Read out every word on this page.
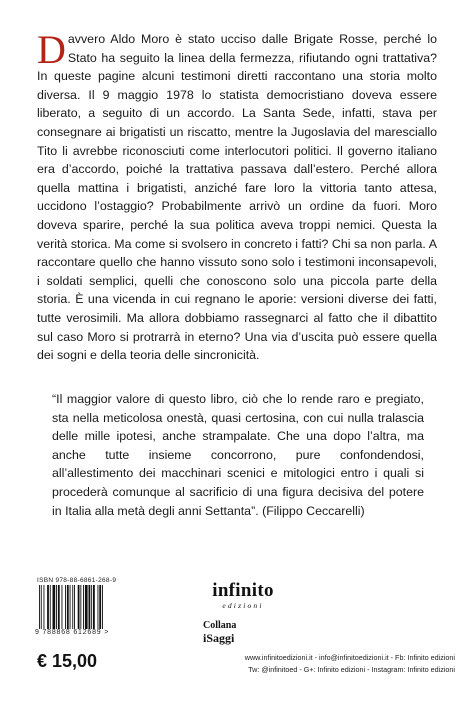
D avvero Aldo Moro è stato ucciso dalle Brigate Rosse, perché lo Stato ha seguito la linea della fermezza, rifiutando ogni trattativa? In queste pagine alcuni testimoni diretti raccontano una storia molto diversa. Il 9 maggio 1978 lo statista democristiano doveva essere liberato, a seguito di un accordo. La Santa Sede, infatti, stava per consegnare ai brigatisti un riscatto, mentre la Jugoslavia del maresciallo Tito li avrebbe riconosciuti come interlocutori politici. Il governo italiano era d’accordo, poiché la trattativa passava dall’estero. Perché allora quella mattina i brigatisti, anziché fare loro la vittoria tanto attesa, uccidono l’ostaggio? Probabilmente arrivò un ordine da fuori. Moro doveva sparire, perché la sua politica aveva troppi nemici. Questa la verità storica. Ma come si svolsero in concreto i fatti? Chi sa non parla. A raccontare quello che hanno vissuto sono solo i testimoni inconsapevoli, i soldati semplici, quelli che conoscono solo una piccola parte della storia. È una vicenda in cui regnano le aporie: versioni diverse dei fatti, tutte verosimili. Ma allora dobbiamo rassegnarci al fatto che il dibattito sul caso Moro si protrarrà in eterno? Una via d’uscita può essere quella dei sogni e della teoria delle sincronicità.

“Il maggior valore di questo libro, ciò che lo rende raro e pregiato, sta nella meticolosa onestà, quasi certosina, con cui nulla tralascia delle mille ipotesi, anche strampalate. Che una dopo l’altra, ma anche tutte insieme concorrono, pure confondendosi, all’allestimento dei macchinari scenici e mitologici entro i quali si procederà comunque al sacrificio di una figura decisiva del potere in Italia alla metà degli anni Settanta”. (Filippo Ceccarelli)

ISBN 978-88-6861-268-9
9 788868 612689 >
€ 15,00
infinito
edizioni
Collana
iSaggi
www.infinitoedizioni.it - info@infinitoedizioni.it - Fb: Infinito edizioni
Tw: @infinitoed - G+: Infinito edizioni - Instagram: Infinito edizioni
